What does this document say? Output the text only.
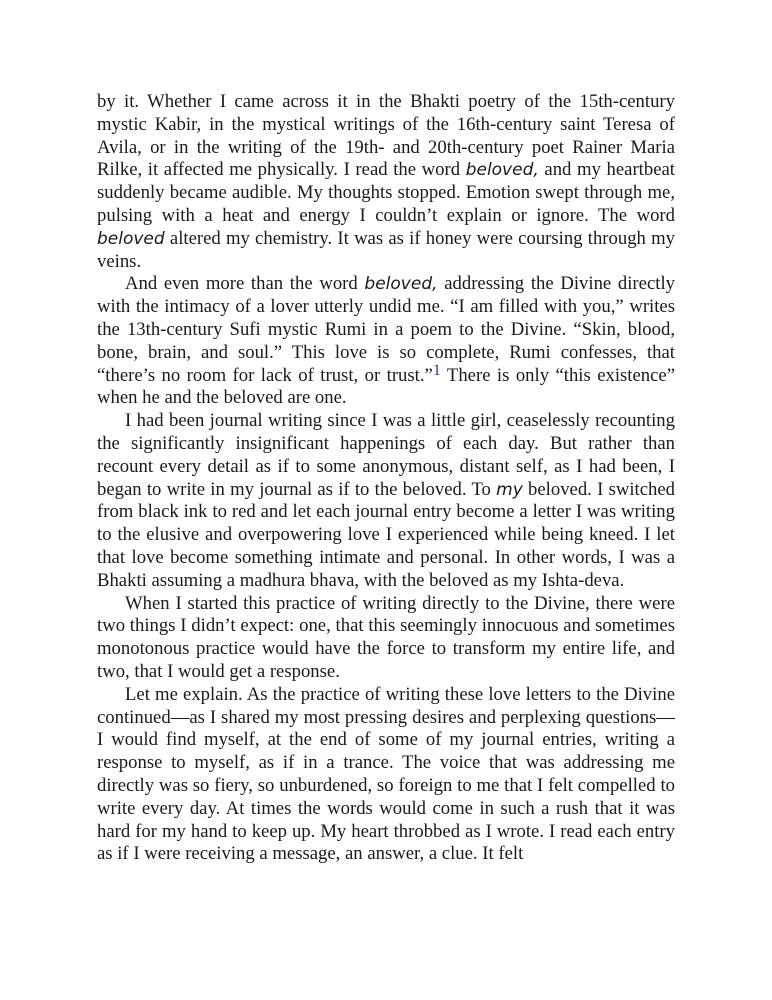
by it. Whether I came across it in the Bhakti poetry of the 15th-century mystic Kabir, in the mystical writings of the 16th-century saint Teresa of Avila, or in the writing of the 19th- and 20th-century poet Rainer Maria Rilke, it affected me physically. I read the word beloved, and my heartbeat suddenly became audible. My thoughts stopped. Emotion swept through me, pulsing with a heat and energy I couldn’t explain or ignore. The word beloved altered my chemistry. It was as if honey were coursing through my veins.

And even more than the word beloved, addressing the Divine directly with the intimacy of a lover utterly undid me. “I am filled with you,” writes the 13th-century Sufi mystic Rumi in a poem to the Divine. “Skin, blood, bone, brain, and soul.” This love is so complete, Rumi confesses, that “there’s no room for lack of trust, or trust.”$^1$ There is only “this existence” when he and the beloved are one.

I had been journal writing since I was a little girl, ceaselessly recounting the significantly insignificant happenings of each day. But rather than recount every detail as if to some anonymous, distant self, as I had been, I began to write in my journal as if to the beloved. To my beloved. I switched from black ink to red and let each journal entry become a letter I was writing to the elusive and overpowering love I experienced while being kneed. I let that love become something intimate and personal. In other words, I was a Bhakti assuming a madhura bhava, with the beloved as my Ishta-deva.

When I started this practice of writing directly to the Divine, there were two things I didn’t expect: one, that this seemingly innocuous and sometimes monotonous practice would have the force to transform my entire life, and two, that I would get a response.

Let me explain. As the practice of writing these love letters to the Divine continued—as I shared my most pressing desires and perplexing questions—I would find myself, at the end of some of my journal entries, writing a response to myself, as if in a trance. The voice that was addressing me directly was so fiery, so unburdened, so foreign to me that I felt compelled to write every day. At times the words would come in such a rush that it was hard for my hand to keep up. My heart throbbed as I wrote. I read each entry as if I were receiving a message, an answer, a clue. It felt
